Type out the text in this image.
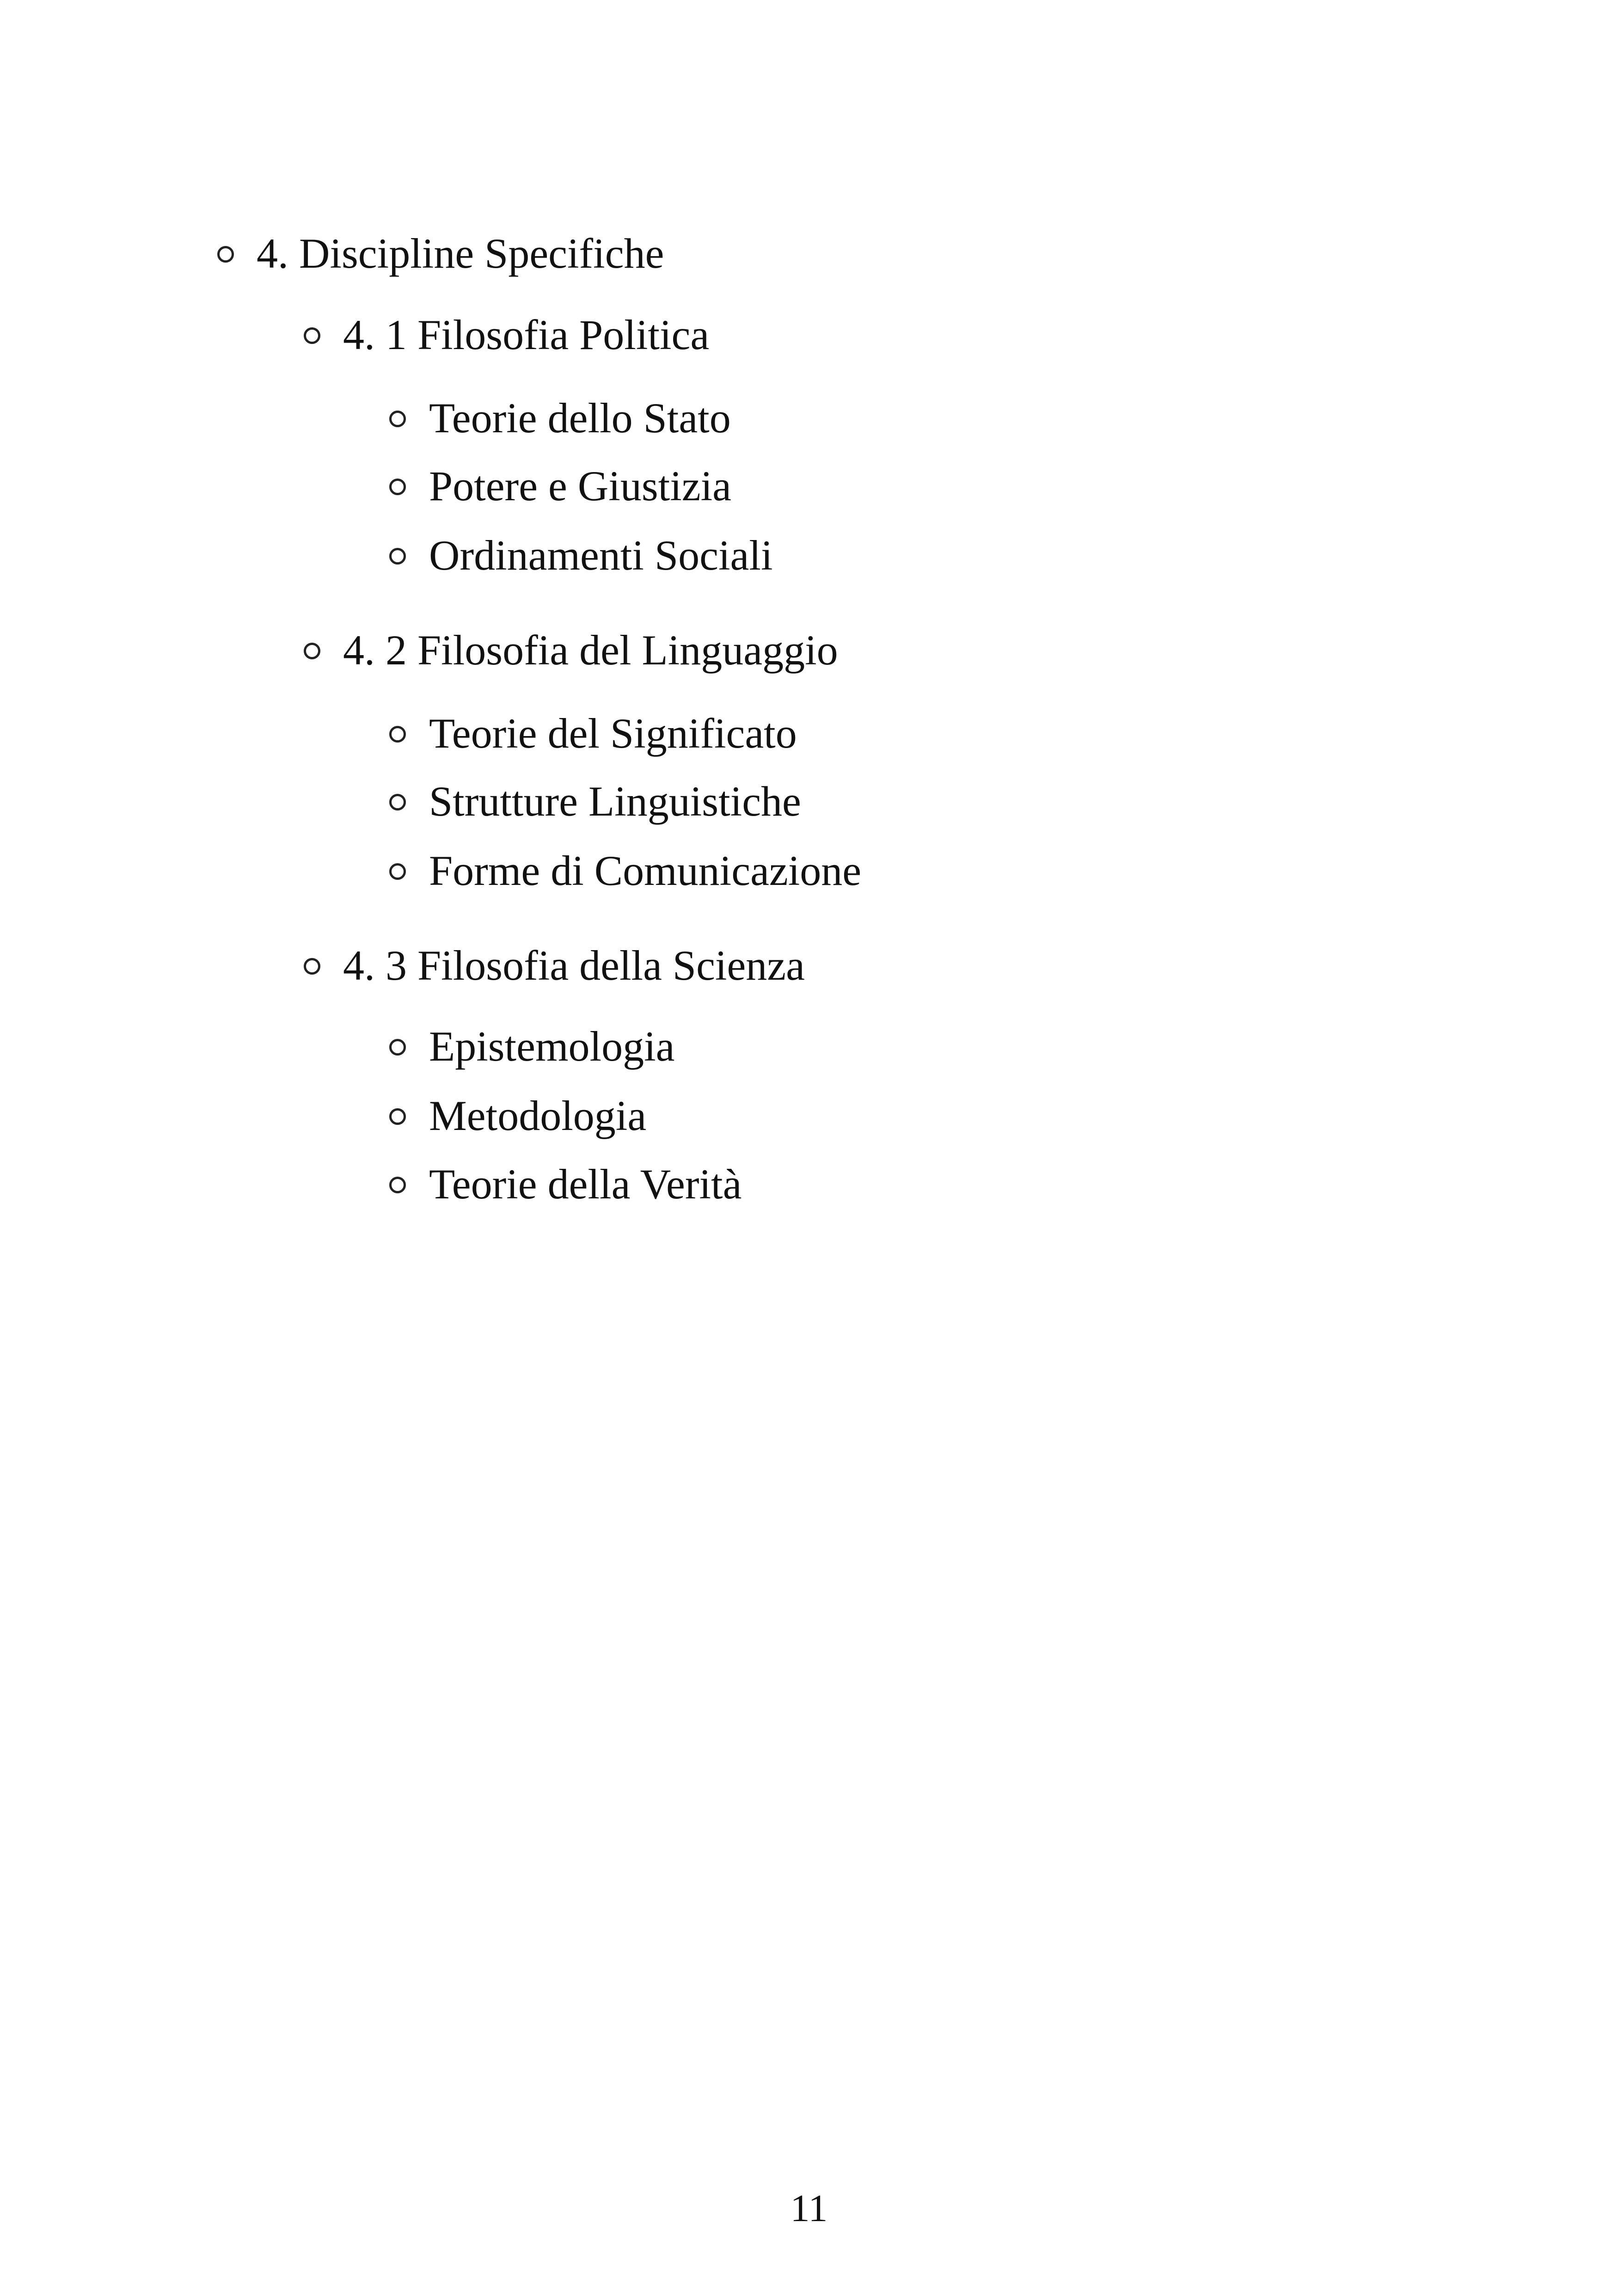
4. Discipline Specifiche
4. 1 Filosofia Politica
Teorie dello Stato
Potere e Giustizia
Ordinamenti Sociali
4. 2 Filosofia del Linguaggio
Teorie del Significato
Strutture Linguistiche
Forme di Comunicazione
4. 3 Filosofia della Scienza
Epistemologia
Metodologia
Teorie della Verità
11
